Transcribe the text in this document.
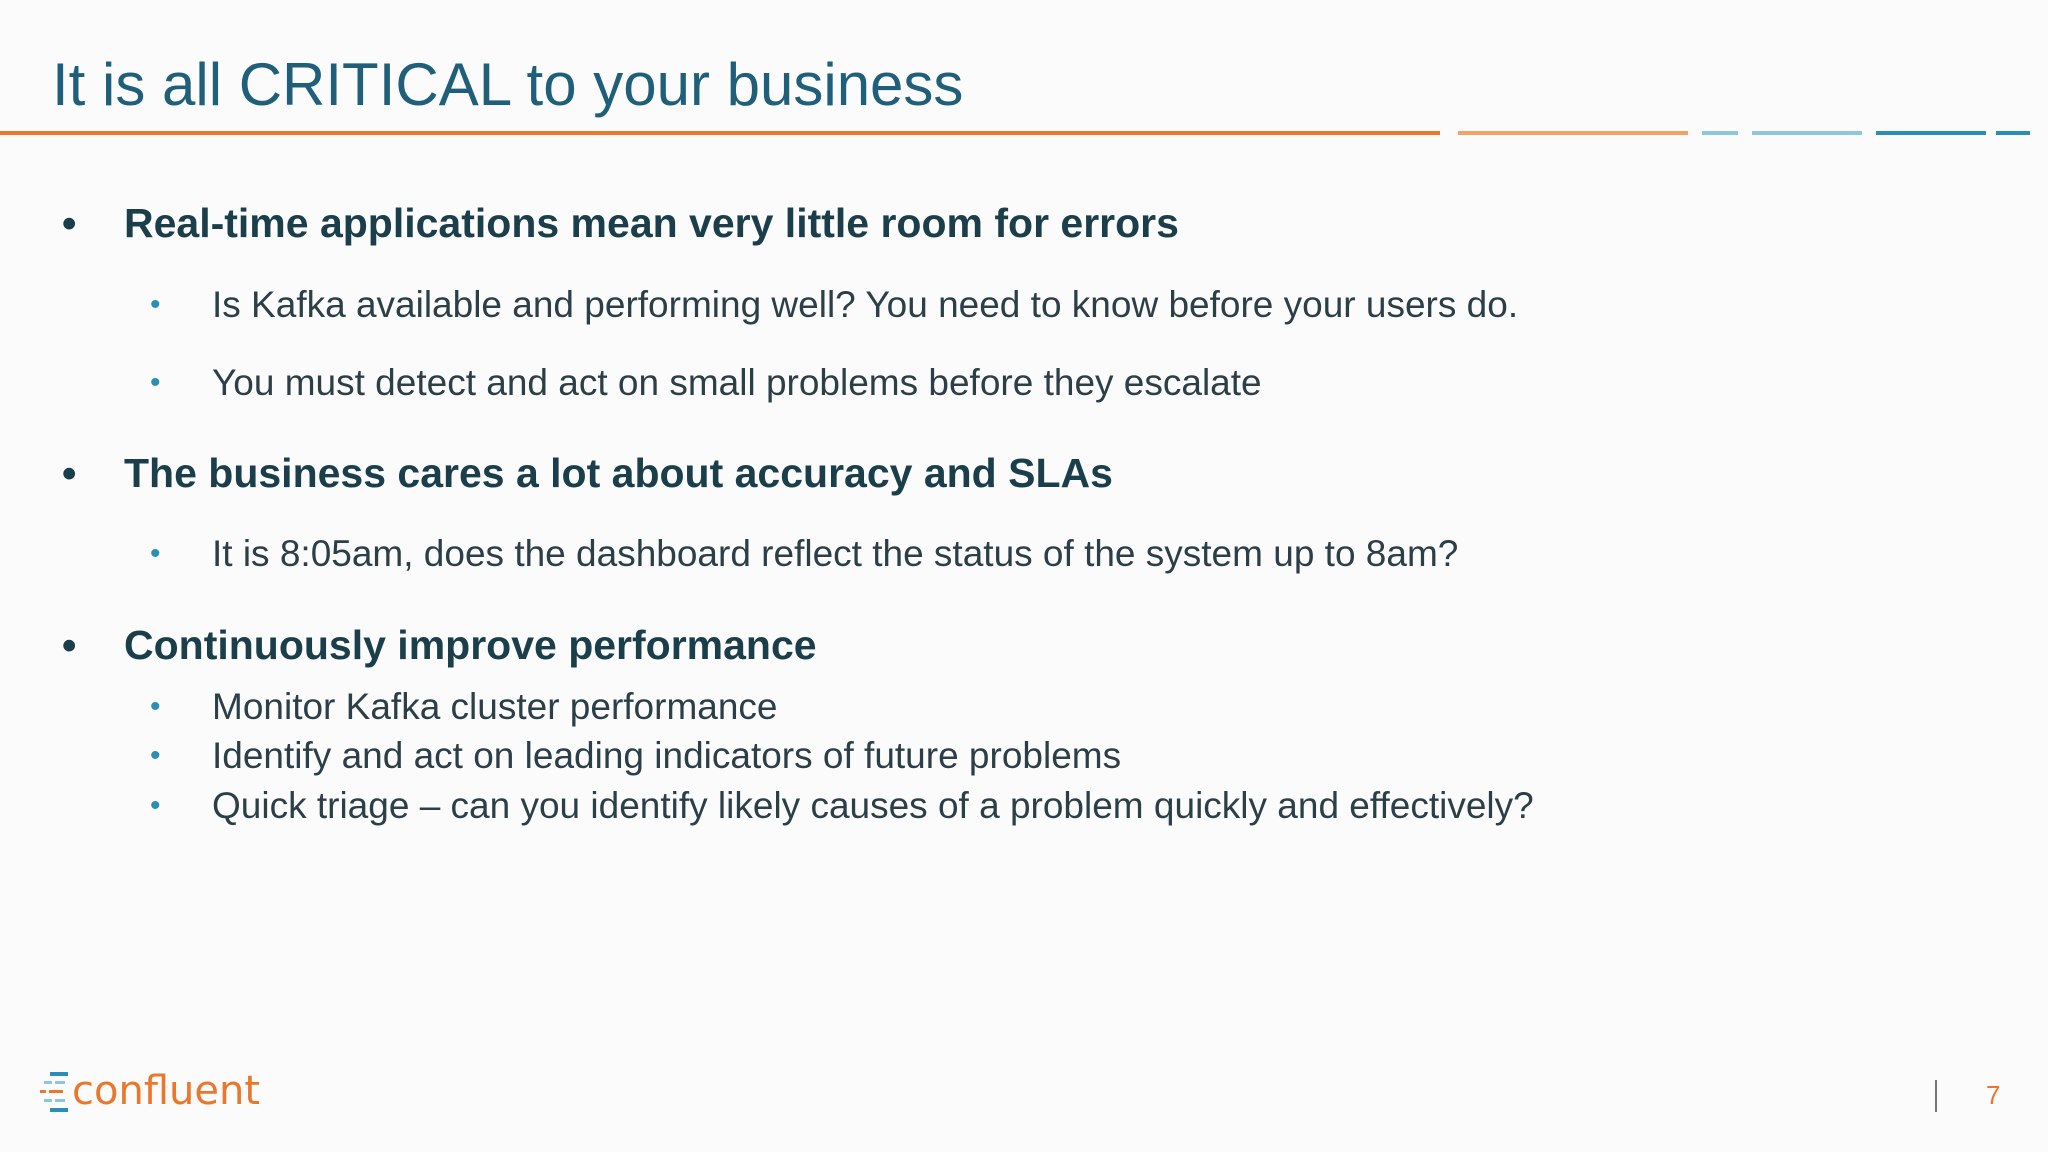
It is all CRITICAL to your business
• Real-time applications mean very little room for errors
• Is Kafka available and performing well? You need to know before your users do.
• You must detect and act on small problems before they escalate
• The business cares a lot about accuracy and SLAs
• It is 8:05am, does the dashboard reflect the status of the system up to 8am?
• Continuously improve performance
• Monitor Kafka cluster performance
• Identify and act on leading indicators of future problems
• Quick triage – can you identify likely causes of a problem quickly and effectively?
confluent	7
